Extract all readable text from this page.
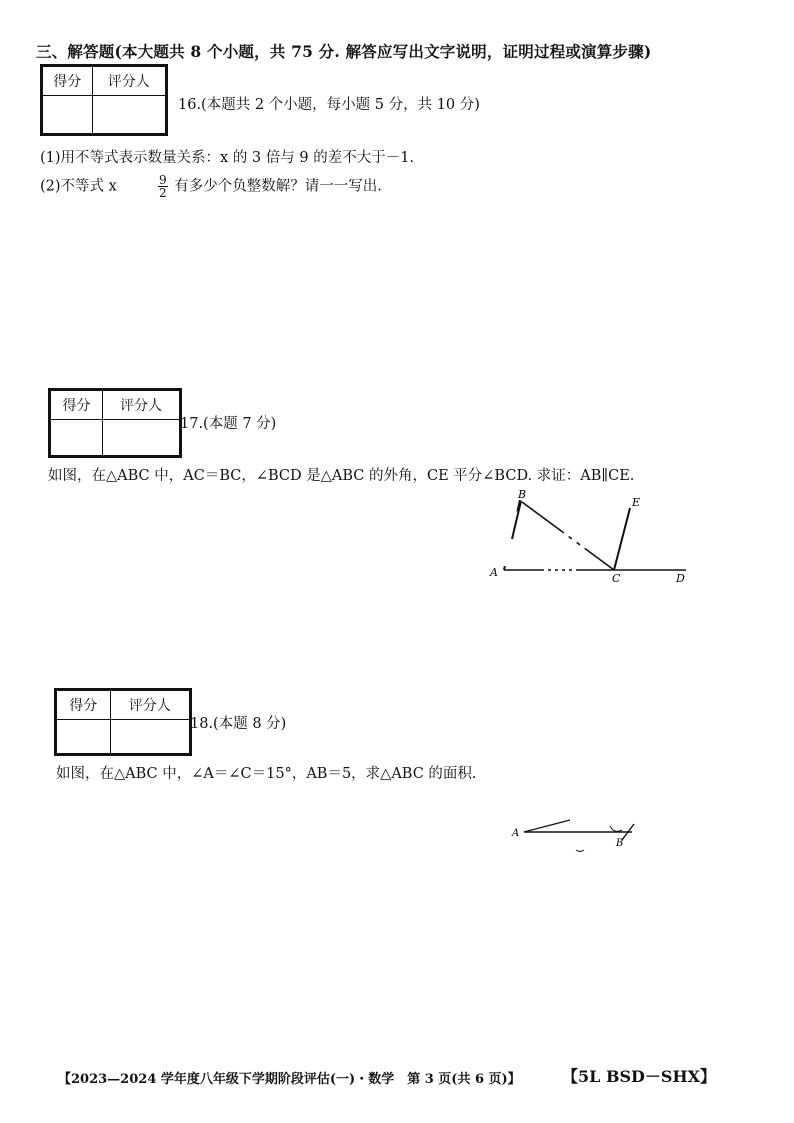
三、解答题(本大题共 8 个小题，共 75 分. 解答应写出文字说明，证明过程或演算步骤)
得分	评分人

16.(本题共 2 个小题，每小题 5 分，共 10 分)
(1)用不等式表示数量关系：x 的 3 倍与 9 的差不大于－1.
(2)不等式 x	$\frac{9}{2}$ 有多少个负整数解？请一一写出.
得分	评分人

17.(本题 7 分)
如图，在△ABC 中，AC＝BC，∠BCD 是△ABC 的外角，CE 平分∠BCD. 求证：AB∥CE.
A
B
C	D
E
得分	评分人

18.(本题 8 分)
如图，在△ABC 中，∠A＝∠C＝15°，AB＝5，求△ABC 的面积.
A
B
【2023—2024 学年度八年级下学期阶段评估(一)・数学　第 3 页(共 6 页)】	【5L BSD－SHX】
